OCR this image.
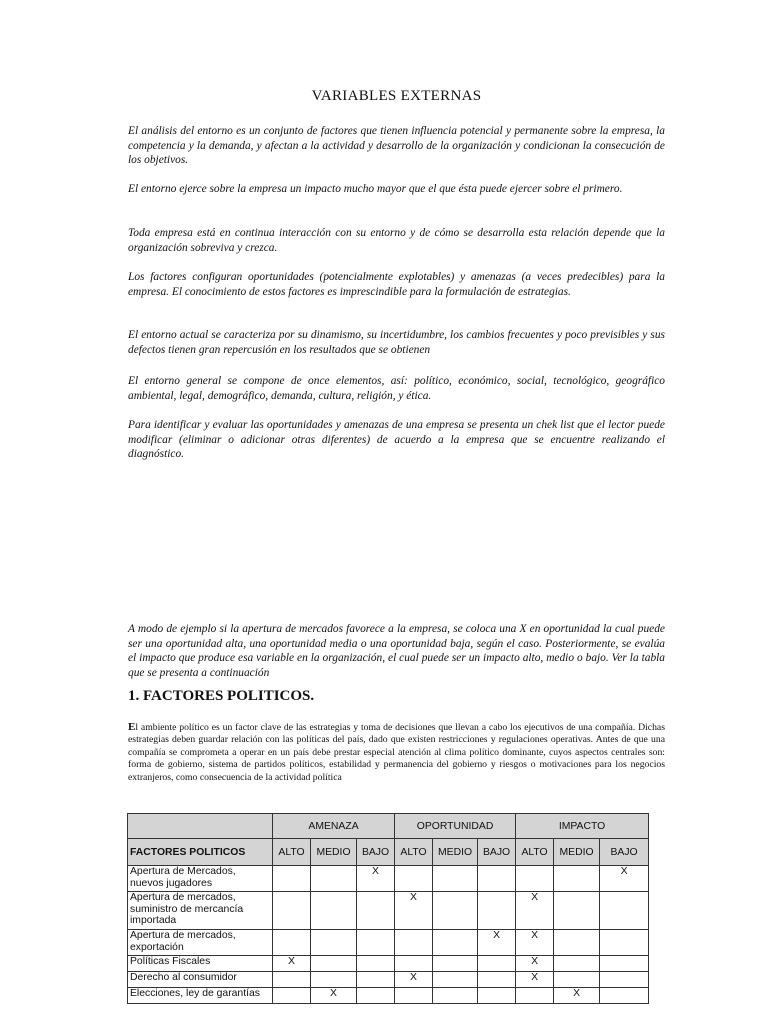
VARIABLES EXTERNAS

El análisis del entorno es un conjunto de factores que tienen influencia potencial y permanente sobre la empresa, la competencia y la demanda, y afectan a la actividad y desarrollo de la organización y condicionan la consecución de los objetivos.

El entorno ejerce sobre la empresa un impacto mucho mayor que el que ésta puede ejercer sobre el primero.

Toda empresa está en continua interacción con su entorno y de cómo se desarrolla esta relación depende que la organización sobreviva y crezca.

Los factores configuran oportunidades (potencialmente explotables) y amenazas (a veces predecibles) para la empresa. El conocimiento de estos factores es imprescindible para la formulación de estrategias.

El entorno actual se caracteriza por su dinamismo, su incertidumbre, los cambios frecuentes y poco previsibles y sus defectos tienen gran repercusión en los resultados que se obtienen

El entorno general se compone de once elementos, así: político, económico, social, tecnológico, geográfico ambiental, legal, demográfico, demanda, cultura, religión, y ética.

Para identificar y evaluar las oportunidades y amenazas de una empresa se presenta un chek list que el lector puede modificar (eliminar o adicionar otras diferentes) de acuerdo a la empresa que se encuentre realizando el diagnóstico.

A modo de ejemplo si la apertura de mercados favorece a la empresa, se coloca una X en oportunidad la cual puede ser una oportunidad alta, una oportunidad media o una oportunidad baja, según el caso. Posteriormente, se evalúa el impacto que produce esa variable en la organización, el cual puede ser un impacto alto, medio o bajo. Ver la tabla que se presenta a continuación

1. FACTORES POLITICOS.

El ambiente político es un factor clave de las estrategias y toma de decisiones que llevan a cabo los ejecutivos de una compañía. Dichas estrategias deben guardar relación con las políticas del país, dado que existen restricciones y regulaciones operativas. Antes de que una compañía se comprometa a operar en un país debe prestar especial atención al clima político dominante, cuyos aspectos centrales son: forma de gobierno, sistema de partidos políticos, estabilidad y permanencia del gobierno y riesgos o motivaciones para los negocios extranjeros, como consecuencia de la actividad política

	AMENAZA			OPORTUNIDAD			IMPACTO		
FACTORES POLITICOS	ALTO	MEDIO	BAJO	ALTO	MEDIO	BAJO	ALTO	MEDIO	BAJO
Apertura de Mercados, nuevos jugadores			X						X
Apertura de mercados, suministro de mercancía importada				X			X		
Apertura de mercados, exportación						X	X		
Políticas Fiscales	X						X		
Derecho al consumidor				X			X		
Elecciones, ley de garantías		X						X	
